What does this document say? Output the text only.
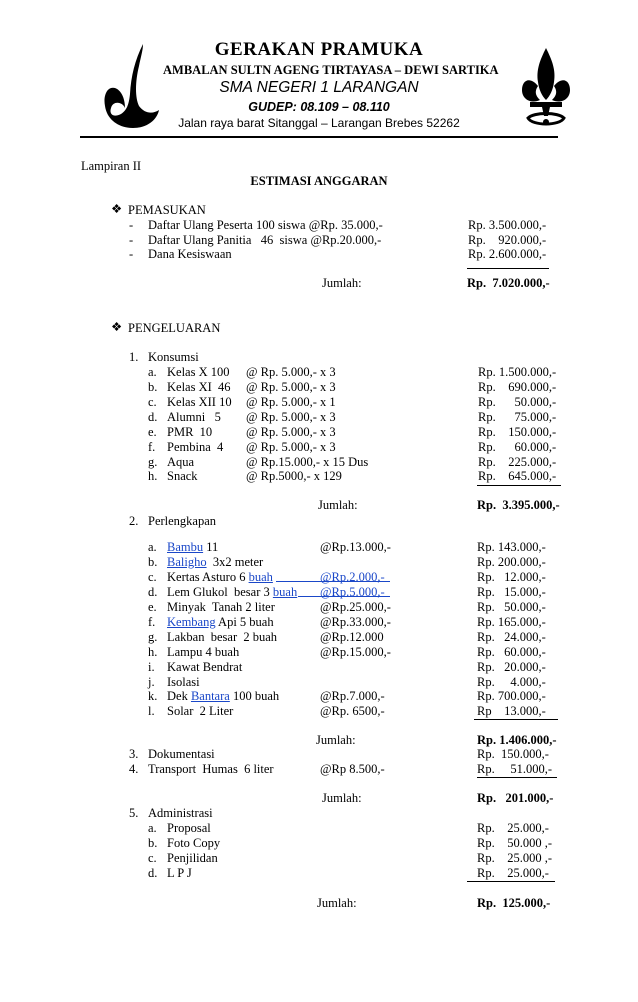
GERAKAN PRAMUKA
AMBALAN SULTN AGENG TIRTAYASA – DEWI SARTIKA
SMA NEGERI 1 LARANGAN
GUDEP: 08.109 – 08.110
Jalan raya barat Sitanggal – Larangan Brebes 52262
Lampiran II
ESTIMASI ANGGARAN
❖ PEMASUKAN
- Daftar Ulang Peserta 100 siswa @Rp. 35.000,-	Rp. 3.500.000,-
- Daftar Ulang Panitia   46  siswa @Rp.20.000,-	Rp.    920.000,-
- Dana Kesiswaan	Rp. 2.600.000,-
Jumlah:	Rp.  7.020.000,-
❖ PENGELUARAN
1. Konsumsi
a. Kelas X 100 @ Rp. 5.000,- x 3	Rp. 1.500.000,-
b. Kelas XI  46 @ Rp. 5.000,- x 3	Rp.    690.000,-
c. Kelas XII 10 @ Rp. 5.000,- x 1	Rp.      50.000,-
d. Alumni   5 @ Rp. 5.000,- x 3	Rp.      75.000,-
e. PMR  10	@ Rp. 5.000,- x 3	Rp.    150.000,-
f. Pembina  4 @ Rp. 5.000,- x 3	Rp.      60.000,-
g. Aqua	@ Rp.15.000,- x 15 Dus	Rp.    225.000,-
h. Snack	@ Rp.5000,- x 129	Rp.    645.000,-
Jumlah:	Rp.  3.395.000,-
2. Perlengkapan
a. Bambu 11	@Rp.13.000,-	Rp. 143.000,-
b. Baligho  3x2 meter	Rp. 200.000,-
c. Kertas Asturo 6 buah	@Rp.2.000,-	Rp.   12.000,-
d. Lem Glukol  besar 3 buah @Rp.5.000,-	Rp.   15.000,-
e. Minyak  Tanah 2 liter	@Rp.25.000,-	Rp.   50.000,-
f. Kembang Api 5 buah	@Rp.33.000,-	Rp. 165.000,-
g. Lakban  besar  2 buah	@Rp.12.000	Rp.   24.000,-
h. Lampu 4 buah	@Rp.15.000,-	Rp.   60.000,-
i. Kawat Bendrat	Rp.   20.000,-
j. Isolasi	Rp.     4.000,-
k. Dek Bantara 100 buah	@Rp.7.000,-	Rp. 700.000,-
l. Solar  2 Liter	@Rp. 6500,-	Rp    13.000,-
Jumlah:	Rp. 1.406.000,-
3. Dokumentasi	Rp.  150.000,-
4. Transport  Humas  6 liter	@Rp 8.500,-	Rp.     51.000,-
Jumlah:	Rp.   201.000,-
5. Administrasi
a. Proposal	Rp.    25.000,-
b. Foto Copy	Rp.    50.000 ,-
c. Penjilidan	Rp.    25.000 ,-
d. L P J	Rp.    25.000,-
Jumlah:	Rp.  125.000,-
